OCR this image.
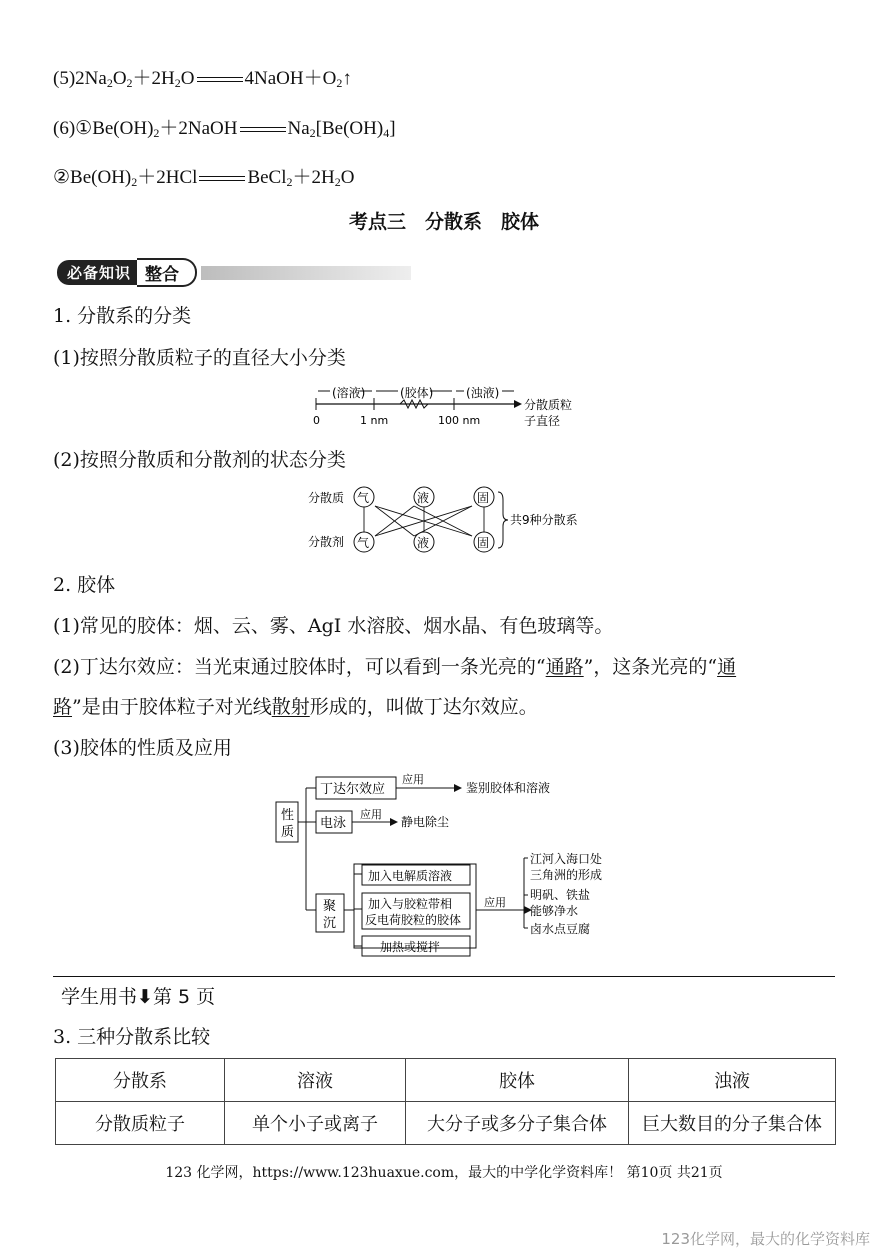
$(5)2Na_2O_2+2H_2O$	$4NaOH+O_2↑$
$(6)①Be(OH)_2+2NaOH$	$Na_2[Be(OH)_4]$
$②Be(OH)_2+2HCl$	$BeCl_2+2H_2O$
考点三　分散系　胶体
必备知识 整合
1. 分散系的分类
(1)按照分散质粒子的直径大小分类
(溶液)	(胶体)	(浊液)
0	1 nm	100 nm
分散质粒
子直径
(2)按照分散质和分散剂的状态分类
分散质
分散剂
气	液	固
气	液	固
共9种分散系
2. 胶体
(1)常见的胶体：烟、云、雾、AgI 水溶胶、烟水晶、有色玻璃等。
(2)丁达尔效应：当光束通过胶体时，可以看到一条光亮的“通路”，这条光亮的“通
路”是由于胶体粒子对光线散射形成的，叫做丁达尔效应。
(3)胶体的性质及应用
性
质
丁达尔效应
应用
鉴别胶体和溶液
电泳
应用
静电除尘
聚
沉
加入电解质溶液
加入与胶粒带相
反电荷胶粒的胶体
加热或搅拌
应用
江河入海口处
三角洲的形成
明矾、铁盐
能够净水
卤水点豆腐
学生用书⬇第 5 页
3. 三种分散系比较
分散系	溶液	胶体	浊液
分散质粒子	单个小子或离子	大分子或多分子集合体	巨大数目的分子集合体
123 化学网，https://www.123huaxue.com，最大的中学化学资料库！ 第10页 共21页
123化学网，最大的化学资料库
